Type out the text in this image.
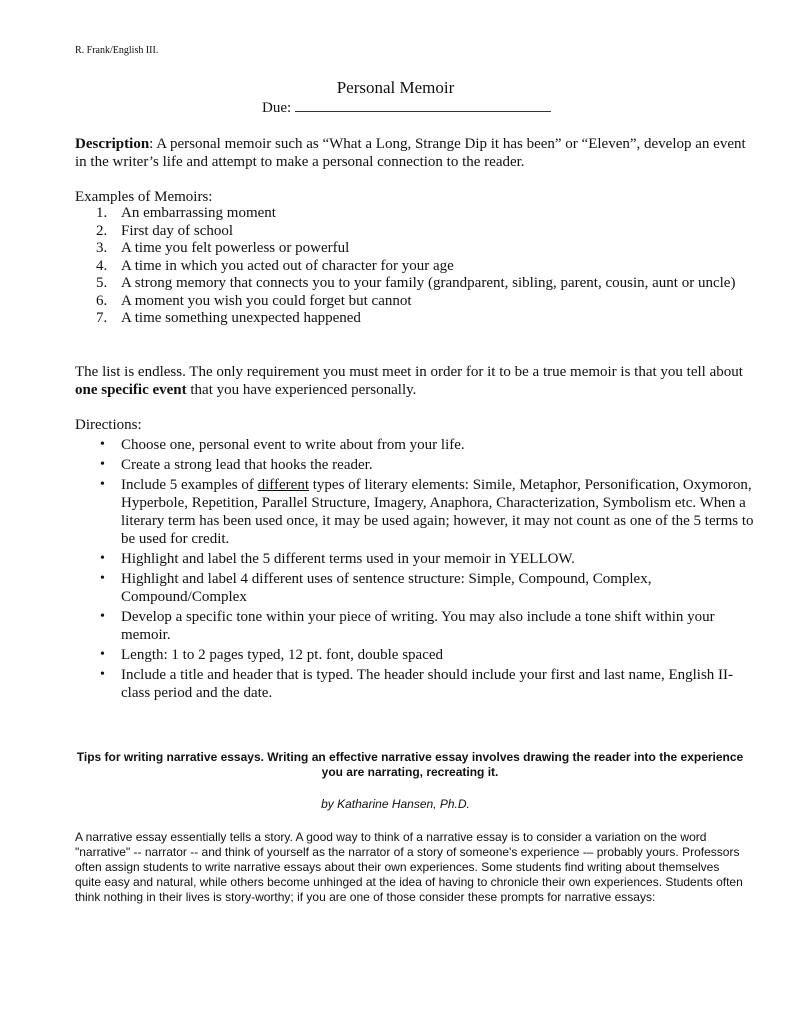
R. Frank/English III.
Personal Memoir
Due:
Description: A personal memoir such as “What a Long, Strange Dip it has been” or “Eleven”, develop an event in the writer’s life and attempt to make a personal connection to the reader.
Examples of Memoirs:
1. An embarrassing moment
2. First day of school
3. A time you felt powerless or powerful
4. A time in which you acted out of character for your age
5. A strong memory that connects you to your family (grandparent, sibling, parent, cousin, aunt or uncle)
6. A moment you wish you could forget but cannot
7. A time something unexpected happened
The list is endless. The only requirement you must meet in order for it to be a true memoir is that you tell about one specific event that you have experienced personally.
Directions:
• Choose one, personal event to write about from your life.
• Create a strong lead that hooks the reader.
• Include 5 examples of different types of literary elements: Simile, Metaphor, Personification, Oxymoron, Hyperbole, Repetition, Parallel Structure, Imagery, Anaphora, Characterization, Symbolism etc. When a literary term has been used once, it may be used again; however, it may not count as one of the 5 terms to be used for credit.
• Highlight and label the 5 different terms used in your memoir in YELLOW.
• Highlight and label 4 different uses of sentence structure: Simple, Compound, Complex, Compound/Complex
• Develop a specific tone within your piece of writing. You may also include a tone shift within your memoir.
• Length: 1 to 2 pages typed, 12 pt. font, double spaced
• Include a title and header that is typed. The header should include your first and last name, English II-class period and the date.
Tips for writing narrative essays. Writing an effective narrative essay involves drawing the reader into the experience you are narrating, recreating it.
by Katharine Hansen, Ph.D.
A narrative essay essentially tells a story. A good way to think of a narrative essay is to consider a variation on the word "narrative" -- narrator -- and think of yourself as the narrator of a story of someone's experience -– probably yours. Professors often assign students to write narrative essays about their own experiences. Some students find writing about themselves quite easy and natural, while others become unhinged at the idea of having to chronicle their own experiences. Students often think nothing in their lives is story-worthy; if you are one of those consider these prompts for narrative essays:
